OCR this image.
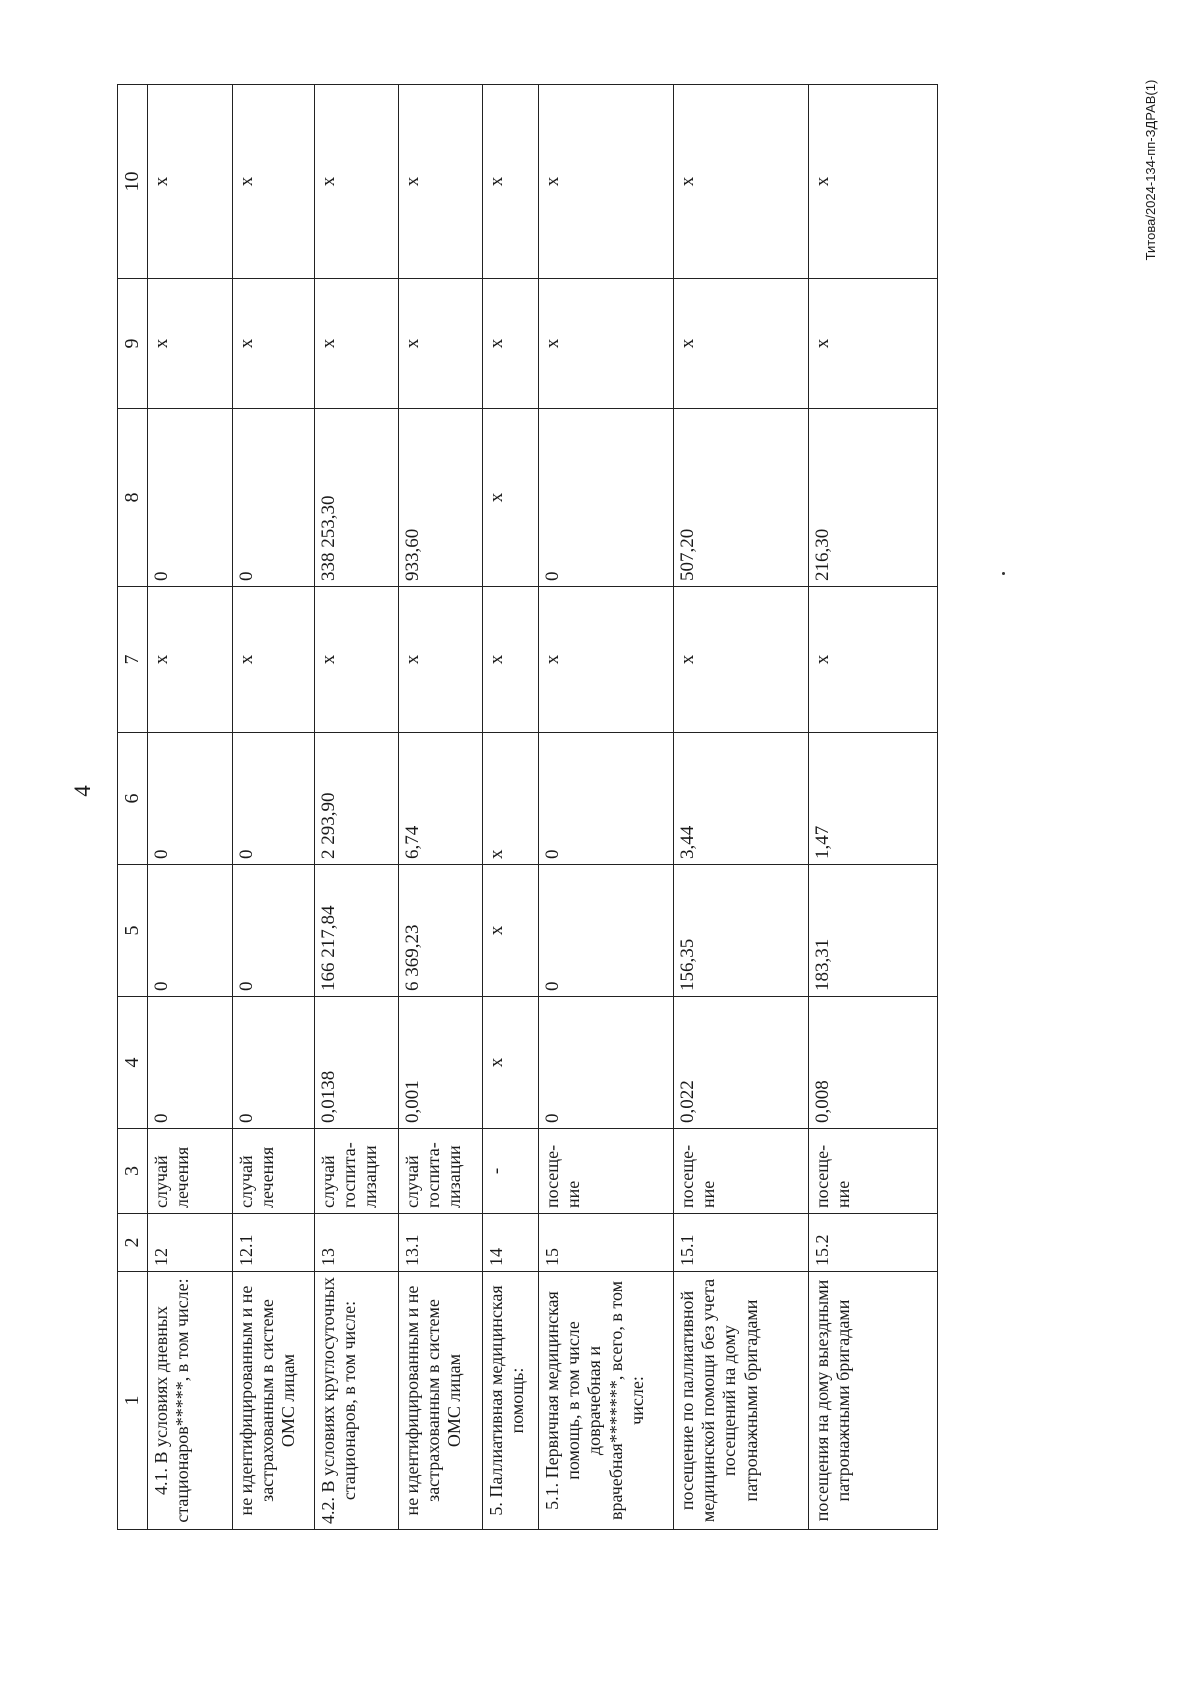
4
Титова/2024-134-пп-ЗДРАВ(1)
1	2	3	4	5	6	7	8	9	10
4.1. В условиях дневных стационаров*****, в том числе:	12	случай лечения	0	0	0	х	0	х	х
не идентифицированным и не застрахованным в системе ОМС лицам	12.1	случай лечения	0	0	0	х	0	х	х
4.2. В условиях круглосуточных стационаров, в том числе:	13	случай госпита-лизации	0,0138	166 217,84	2 293,90	х	338 253,30	х	х
не идентифицированным и не застрахованным в системе ОМС лицам	13.1	случай госпита-лизации	0,001	6 369,23	6,74	х	933,60	х	х
5. Паллиативная медицинская помощь:	14	-	х	х	х	х	х	х	х
5.1. Первичная медицинская помощь, в том числе доврачебная и врачебная*******, всего, в том числе:	15	посеще-ние	0	0	0	х	0	х	х
посещение по паллиативной медицинской помощи без учета посещений на дому патронажными бригадами	15.1	посеще-ние	0,022	156,35	3,44	х	507,20	х	х
посещения на дому выездными патронажными бригадами	15.2	посеще-ние	0,008	183,31	1,47	х	216,30	х	х
